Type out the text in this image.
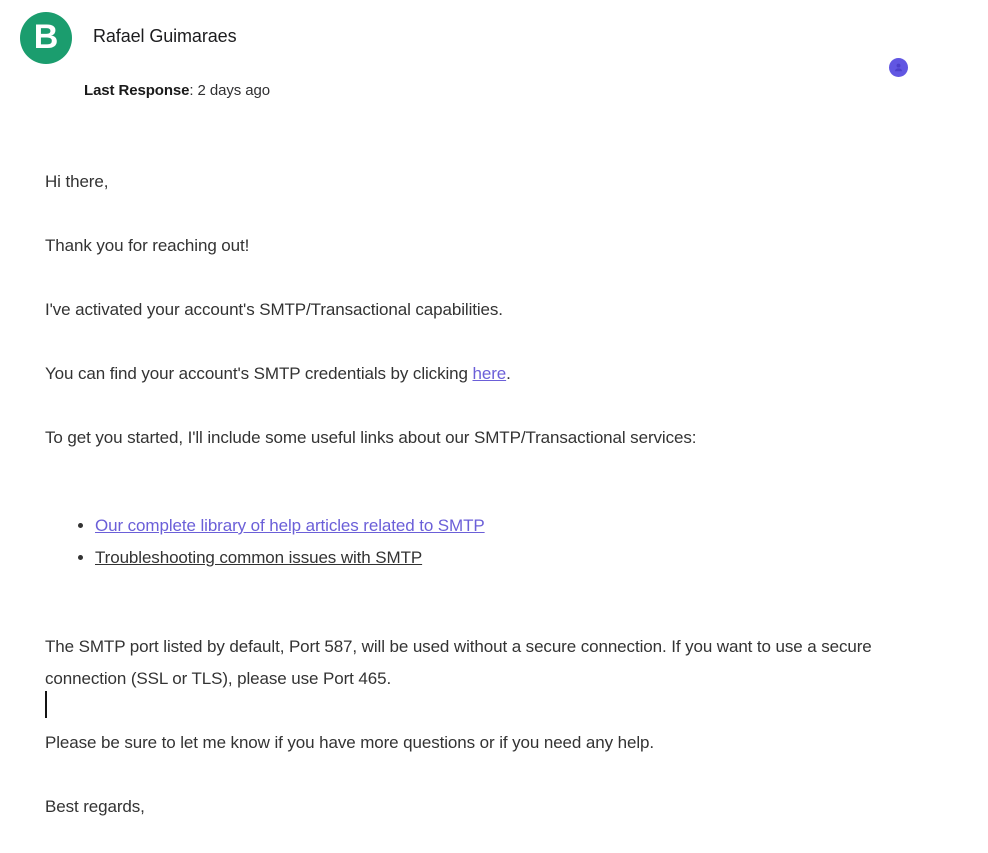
B Rafael Guimaraes
Last Response: 2 days ago

Hi there,

Thank you for reaching out!

I've activated your account's SMTP/Transactional capabilities.

You can find your account's SMTP credentials by clicking here.

To get you started, I'll include some useful links about our SMTP/Transactional services:

• Our complete library of help articles related to SMTP
• Troubleshooting common issues with SMTP

The SMTP port listed by default, Port 587, will be used without a secure connection. If you want to use a secure connection (SSL or TLS), please use Port 465.

Please be sure to let me know if you have more questions or if you need any help.

Best regards,
